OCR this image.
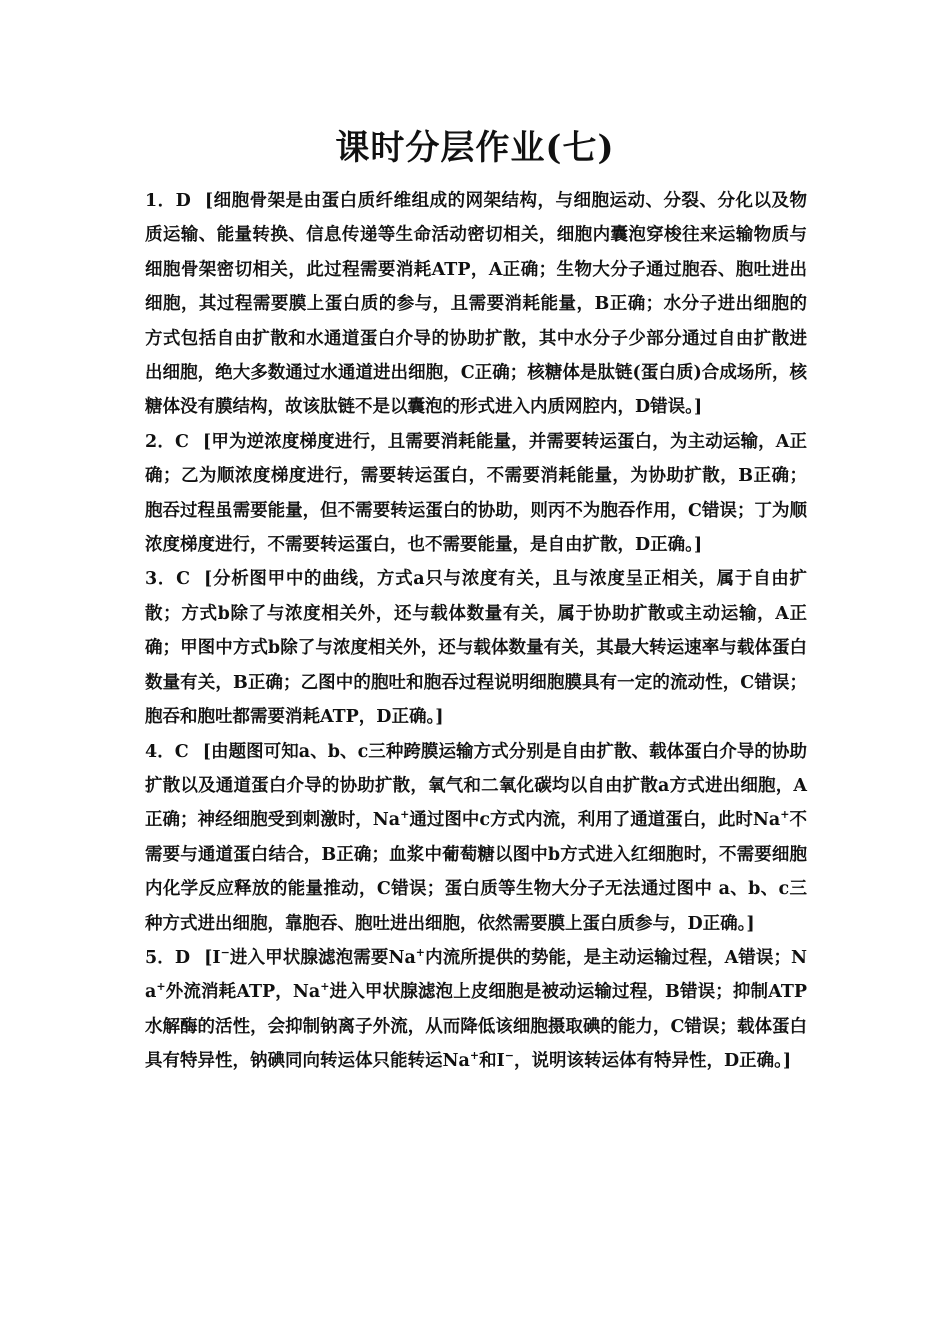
课时分层作业(七)

1．D [细胞骨架是由蛋白质纤维组成的网架结构，与细胞运动、分裂、分化以及物质运输、能量转换、信息传递等生命活动密切相关，细胞内囊泡穿梭往来运输物质与细胞骨架密切相关，此过程需要消耗ATP，A正确；生物大分子通过胞吞、胞吐进出细胞，其过程需要膜上蛋白质的参与，且需要消耗能量，B正确；水分子进出细胞的方式包括自由扩散和水通道蛋白介导的协助扩散，其中水分子少部分通过自由扩散进出细胞，绝大多数通过水通道进出细胞，C正确；核糖体是肽链(蛋白质)合成场所，核糖体没有膜结构，故该肽链不是以囊泡的形式进入内质网腔内，D错误。]

2．C [甲为逆浓度梯度进行，且需要消耗能量，并需要转运蛋白，为主动运输，A正确；乙为顺浓度梯度进行，需要转运蛋白，不需要消耗能量，为协助扩散，B正确；胞吞过程虽需要能量，但不需要转运蛋白的协助，则丙不为胞吞作用，C错误；丁为顺浓度梯度进行，不需要转运蛋白，也不需要能量，是自由扩散，D正确。]

3．C [分析图甲中的曲线，方式a只与浓度有关，且与浓度呈正相关，属于自由扩散；方式b除了与浓度相关外，还与载体数量有关，属于协助扩散或主动运输，A正确；甲图中方式b除了与浓度相关外，还与载体数量有关，其最大转运速率与载体蛋白数量有关，B正确；乙图中的胞吐和胞吞过程说明细胞膜具有一定的流动性，C错误；胞吞和胞吐都需要消耗ATP，D正确。]

4．C [由题图可知a、b、c三种跨膜运输方式分别是自由扩散、载体蛋白介导的协助扩散以及通道蛋白介导的协助扩散，氧气和二氧化碳均以自由扩散a方式进出细胞，A正确；神经细胞受到刺激时，Na+通过图中c方式内流，利用了通道蛋白，此时Na+不需要与通道蛋白结合，B正确；血浆中葡萄糖以图中b方式进入红细胞时，不需要细胞内化学反应释放的能量推动，C错误；蛋白质等生物大分子无法通过图中 a、b、c三种方式进出细胞，靠胞吞、胞吐进出细胞，依然需要膜上蛋白质参与，D正确。]

5．D [I−进入甲状腺滤泡需要Na+内流所提供的势能，是主动运输过程，A错误；Na+外流消耗ATP，Na+进入甲状腺滤泡上皮细胞是被动运输过程，B错误；抑制ATP水解酶的活性，会抑制钠离子外流，从而降低该细胞摄取碘的能力，C错误；载体蛋白具有特异性，钠碘同向转运体只能转运Na+和I−，说明该转运体有特异性，D正确。]
